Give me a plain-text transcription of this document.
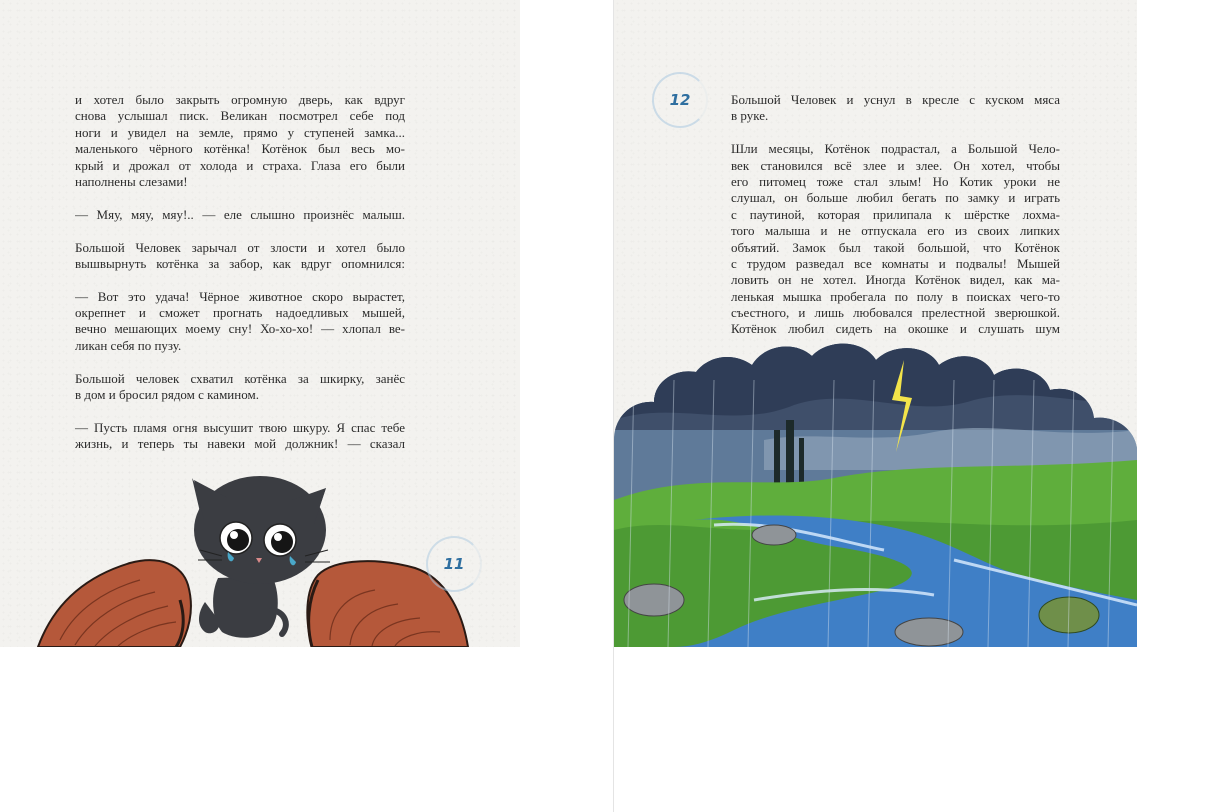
11
и хотел было закрыть огромную дверь, как вдруг
снова услышал писк. Великан посмотрел себе под
ноги и увидел на земле, прямо у ступеней замка...
маленького чёрного котёнка! Котёнок был весь мо-
крый и дрожал от холода и страха. Глаза его были
наполнены слезами!
— Мяу, мяу, мяу!.. — еле слышно произнёс малыш.
Большой Человек зарычал от злости и хотел было
вышвырнуть котёнка за забор, как вдруг опомнился:
— Вот это удача! Чёрное животное скоро вырастет,
окрепнет и сможет прогнать надоедливых мышей,
вечно мешающих моему сну! Хо-хо-хо! — хлопал ве-
ликан себя по пузу.
Большой человек схватил котёнка за шкирку, занёс
в дом и бросил рядом с камином.
— Пусть пламя огня высушит твою шкуру. Я спас тебе
жизнь, и теперь ты навеки мой должник! — сказал
12	Большой Человек и уснул в кресле с куском мяса
в руке.
Шли месяцы, Котёнок подрастал, а Большой Чело-
век становился всё злее и злее. Он хотел, чтобы
его питомец тоже стал злым! Но Котик уроки не
слушал, он больше любил бегать по замку и играть
с паутиной, которая прилипала к шёрстке лохма-
того малыша и не отпускала его из своих липких
объятий. Замок был такой большой, что Котёнок
с трудом разведал все комнаты и подвалы! Мышей
ловить он не хотел. Иногда Котёнок видел, как ма-
ленькая мышка пробегала по полу в поисках чего-то
съестного, и лишь любовался прелестной зверюшкой.
Котёнок любил сидеть на окошке и слушать шум
